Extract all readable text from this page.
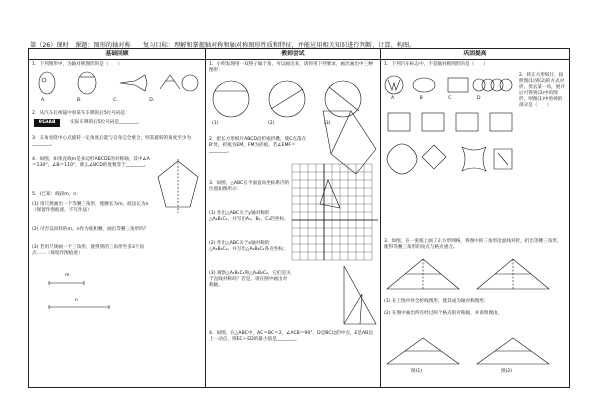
第（26）课时　课题：图形的轴对称　　复习目标：理解和掌握轴对称和轴对称图形性质和特征，并能应用相关知识进行判断、计算、构图。
基础回顾
1．下列图形中，为轴对称图形的是（　　）
A.	B.	C.	D.
2．从汽车后视镜中看某车车牌的后5位号码是：
BA629	　　实际车牌的后5位号码是________。
3．五角星绕中心点旋转一定角度后能与自身完全重合，则其旋转的角度至少为________。
4．如图，如果直线m是多边形ABCDE的对称轴，其中∠A＝130°，∠B＝110°，那么∠BCD的度数等于________。
5．(已知：线段m、n：
(1) 用尺规画出一个等腰三角形，使腰长为m，底边长为n（保留作图痕迹，不写作法）
(2) 可否以同样的m、n作为底和腰，画出等腰三角形吗？
(3) 若用尺规画一个三角形，使得到的三角形至多3个顶点……（保留作图痕迹）
m
n
教师尝试
1．小明发现用一双筷子做个角，可以画出来，请你用下列要求，画出画出中三种图形：
(1)	(2)	(3)
2．把长方形纸片ABCD沿折痕折叠，使C点落在B'处，折痕为EM，FM为折痕，若∠EMF＝________。
3．如图，△ABC在平面直角坐标系内的位置如图所示：
(1) 作出△ABC关于y轴对称的△A₁B₁C₁，并写出A₁、B₁、C₁的坐标；
(2) 作出△ABC关于x轴对称的△A₂B₂C₂，并写出△A₂B₂C₂各点坐标；
(3) 观察△A₁B₁C₁和△A₂B₂C₂，它们是关于直线对称吗？若是，请在图中画出对称轴。
4．如图，在△ABC中，AC＝BC＝2，∠ACB＝90°，D是BC边的中点，E是AB边上一动点，则EC＋ED的最小值是________。
巩固提高
1．下列汽车标志中，不是轴对称图形的是（　　）
A	B	C	D
2．将正方形纸片，按照图(1)到(2)的方式对折，剪去某一角，展开后可得到(3)中的图形，则图(1)中剪掉的部分是（　　）
3．如图，在一张纸上画了正方形网格，将图中的三角形沿虚线对折，折出等腰三角形，使得等腰三角形的顶点与格点重合。
(1) 在上图中补全折线图形，使其成为轴对称图形；
(2) 在图中画出所有经过两个格点的对称轴，并说明理由。
图(1)	图(2)
